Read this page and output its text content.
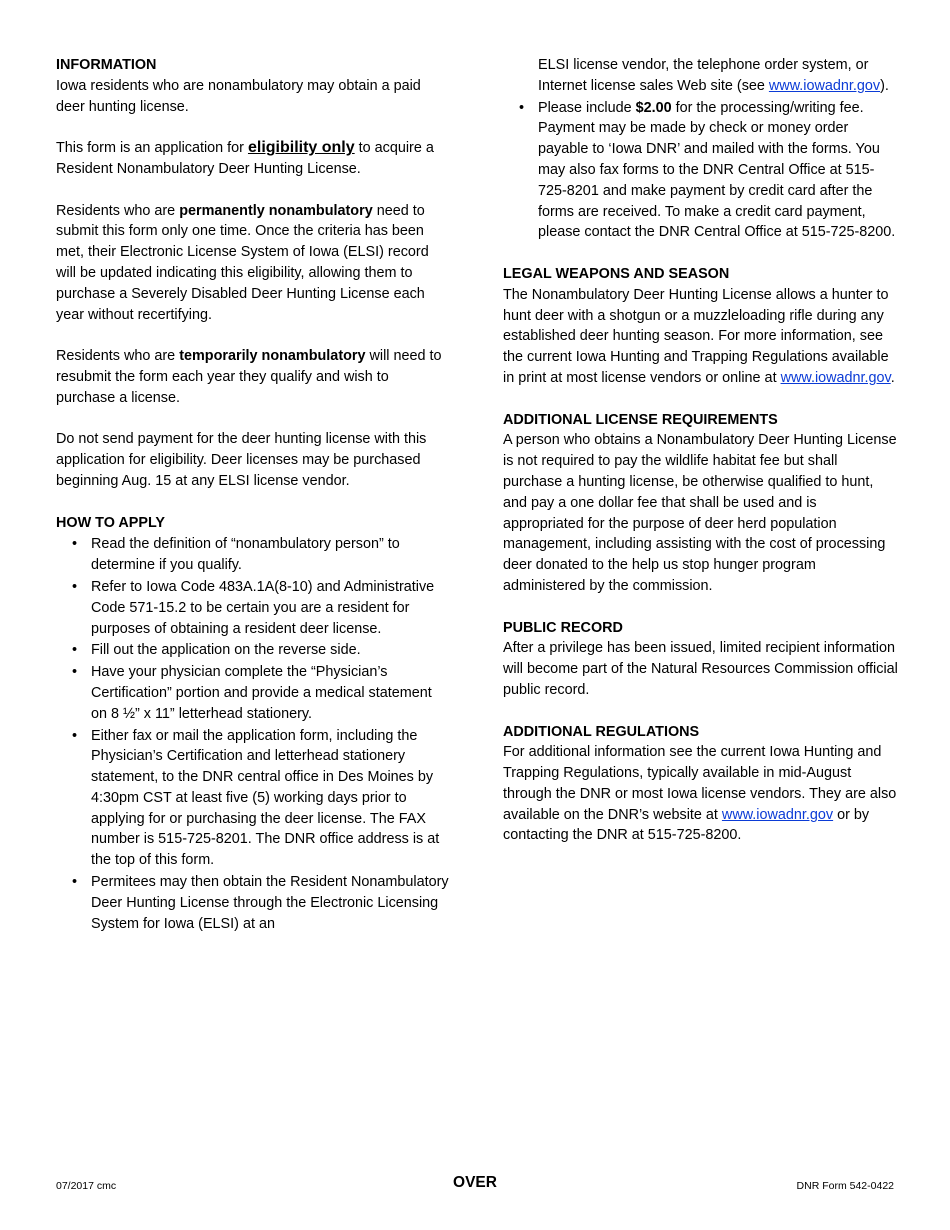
INFORMATION

Iowa residents who are nonambulatory may obtain a paid deer hunting license.

This form is an application for eligibility only to acquire a Resident Nonambulatory Deer Hunting License.

Residents who are permanently nonambulatory need to submit this form only one time. Once the criteria has been met, their Electronic License System of Iowa (ELSI) record will be updated indicating this eligibility, allowing them to purchase a Severely Disabled Deer Hunting License each year without recertifying.

Residents who are temporarily nonambulatory will need to resubmit the form each year they qualify and wish to purchase a license.

Do not send payment for the deer hunting license with this application for eligibility. Deer licenses may be purchased beginning Aug. 15 at any ELSI license vendor.

HOW TO APPLY

• Read the definition of “nonambulatory person” to determine if you qualify.
• Refer to Iowa Code 483A.1A(8-10) and Administrative Code 571-15.2 to be certain you are a resident for purposes of obtaining a resident deer license.
• Fill out the application on the reverse side.
• Have your physician complete the “Physician’s Certification” portion and provide a medical statement on 8 ½” x 11” letterhead stationery.
• Either fax or mail the application form, including the Physician’s Certification and letterhead stationery statement, to the DNR central office in Des Moines by 4:30pm CST at least five (5) working days prior to applying for or purchasing the deer license. The FAX number is 515-725-8201. The DNR office address is at the top of this form.
• Permitees may then obtain the Resident Nonambulatory Deer Hunting License through the Electronic Licensing System for Iowa (ELSI) at an

ELSI license vendor, the telephone order system, or Internet license sales Web site (see www.iowadnr.gov).

• Please include $2.00 for the processing/writing fee. Payment may be made by check or money order payable to ‘Iowa DNR’ and mailed with the forms. You may also fax forms to the DNR Central Office at 515-725-8201 and make payment by credit card after the forms are received. To make a credit card payment, please contact the DNR Central Office at 515-725-8200.

LEGAL WEAPONS AND SEASON

The Nonambulatory Deer Hunting License allows a hunter to hunt deer with a shotgun or a muzzleloading rifle during any established deer hunting season. For more information, see the current Iowa Hunting and Trapping Regulations available in print at most license vendors or online at www.iowadnr.gov.

ADDITIONAL LICENSE REQUIREMENTS

A person who obtains a Nonambulatory Deer Hunting License is not required to pay the wildlife habitat fee but shall purchase a hunting license, be otherwise qualified to hunt, and pay a one dollar fee that shall be used and is appropriated for the purpose of deer herd population management, including assisting with the cost of processing deer donated to the help us stop hunger program administered by the commission.

PUBLIC RECORD

After a privilege has been issued, limited recipient information will become part of the Natural Resources Commission official public record.

ADDITIONAL REGULATIONS

For additional information see the current Iowa Hunting and Trapping Regulations, typically available in mid-August through the DNR or most Iowa license vendors. They are also available on the DNR’s website at www.iowadnr.gov or by contacting the DNR at 515-725-8200.

07/2017 cmc	OVER	DNR Form 542-0422
